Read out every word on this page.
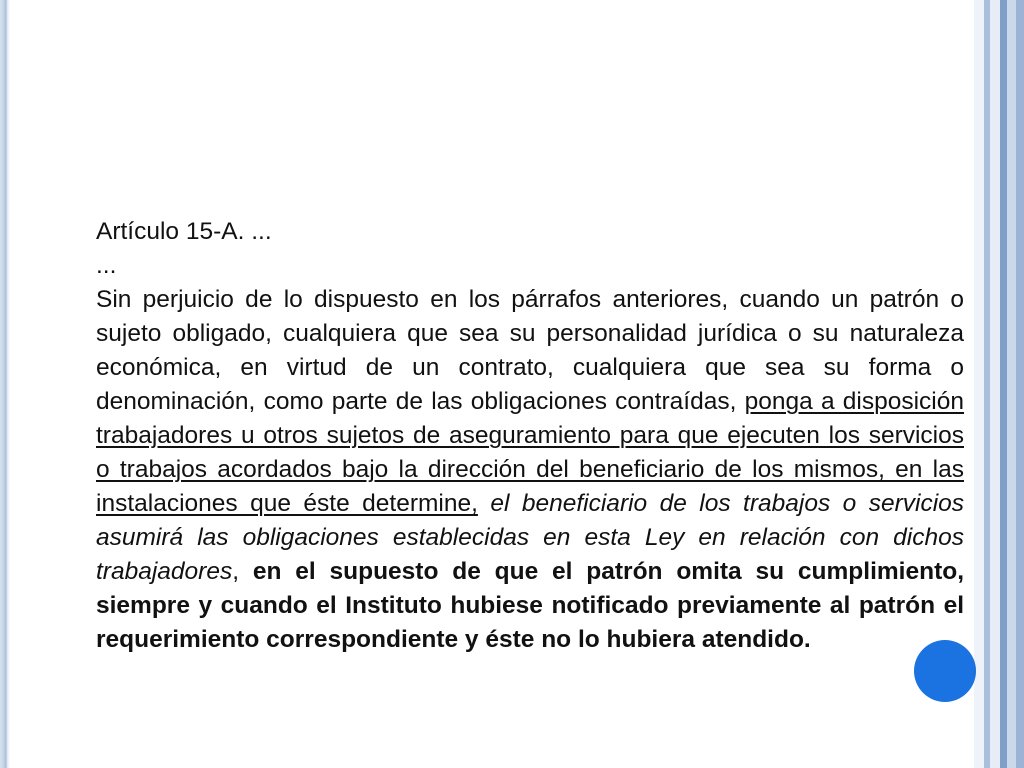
Artículo 15-A. ...

...

Sin perjuicio de lo dispuesto en los párrafos anteriores, cuando un patrón o sujeto obligado, cualquiera que sea su personalidad jurídica o su naturaleza económica, en virtud de un contrato, cualquiera que sea su forma o denominación, como parte de las obligaciones contraídas, ponga a disposición trabajadores u otros sujetos de aseguramiento para que ejecuten los servicios o trabajos acordados bajo la dirección del beneficiario de los mismos, en las instalaciones que éste determine, el beneficiario de los trabajos o servicios asumirá las obligaciones establecidas en esta Ley en relación con dichos trabajadores, en el supuesto de que el patrón omita su cumplimiento, siempre y cuando el Instituto hubiese notificado previamente al patrón el requerimiento correspondiente y éste no lo hubiera atendido.
